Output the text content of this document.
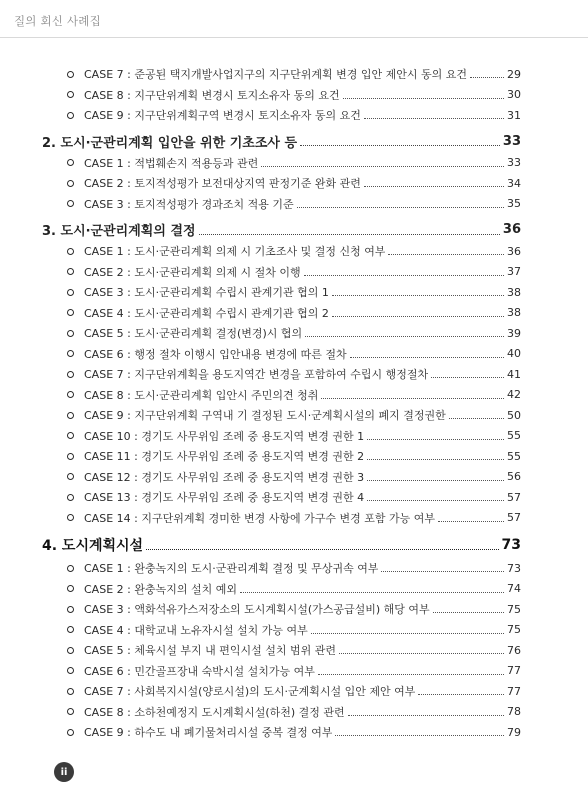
질의 회신 사례집
CASE 7 : 준공된 택지개발사업지구의 지구단위계획 변경 입안 제안시 동의 요건	29
CASE 8 : 지구단위계획 변경시 토지소유자 동의 요건	30
CASE 9 : 지구단위계획구역 변경시 토지소유자 동의 요건	31
2. 도시·군관리계획 입안을 위한 기초조사 등	33
CASE 1 : 적법훼손지 적용등과 관련	33
CASE 2 : 토지적성평가 보전대상지역 판정기준 완화 관련	34
CASE 3 : 토지적성평가 경과조치 적용 기준	35
3. 도시·군관리계획의 결정	36
CASE 1 : 도시·군관리계획 의제 시 기초조사 및 결정 신청 여부	36
CASE 2 : 도시·군관리계획 의제 시 절차 이행	37
CASE 3 : 도시·군관리계획 수립시 관계기관 협의 1	38
CASE 4 : 도시·군관리계획 수립시 관계기관 협의 2	38
CASE 5 : 도시·군관리계획 결정(변경)시 협의	39
CASE 6 : 행정 절차 이행시 입안내용 변경에 따른 절차	40
CASE 7 : 지구단위계획을 용도지역간 변경을 포함하여 수립시 행정절차	41
CASE 8 : 도시·군관리계획 입안시 주민의견 청취	42
CASE 9 : 지구단위계획 구역내 기 결정된 도시·군계획시설의 폐지 결정권한	50
CASE 10 : 경기도 사무위임 조례 중 용도지역 변경 권한 1	55
CASE 11 : 경기도 사무위임 조례 중 용도지역 변경 권한 2	55
CASE 12 : 경기도 사무위임 조례 중 용도지역 변경 권한 3	56
CASE 13 : 경기도 사무위임 조례 중 용도지역 변경 권한 4	57
CASE 14 : 지구단위계획 경미한 변경 사항에 가구수 변경 포함 가능 여부	57
4. 도시계획시설	73
CASE 1 : 완충녹지의 도시·군관리계획 결정 및 무상귀속 여부	73
CASE 2 : 완충녹지의 설치 예외	74
CASE 3 : 액화석유가스저장소의 도시계획시설(가스공급설비) 해당 여부	75
CASE 4 : 대학교내 노유자시설 설치 가능 여부	75
CASE 5 : 체육시설 부지 내 편익시설 설치 범위 관련	76
CASE 6 : 민간골프장내 숙박시설 설치가능 여부	77
CASE 7 : 사회복지시설(양로시설)의 도시·군계획시설 입안 제안 여부	77
CASE 8 : 소하천예정지 도시계획시설(하천) 결정 관련	78
CASE 9 : 하수도 내 폐기물처리시설 중복 결정 여부	79
ii
